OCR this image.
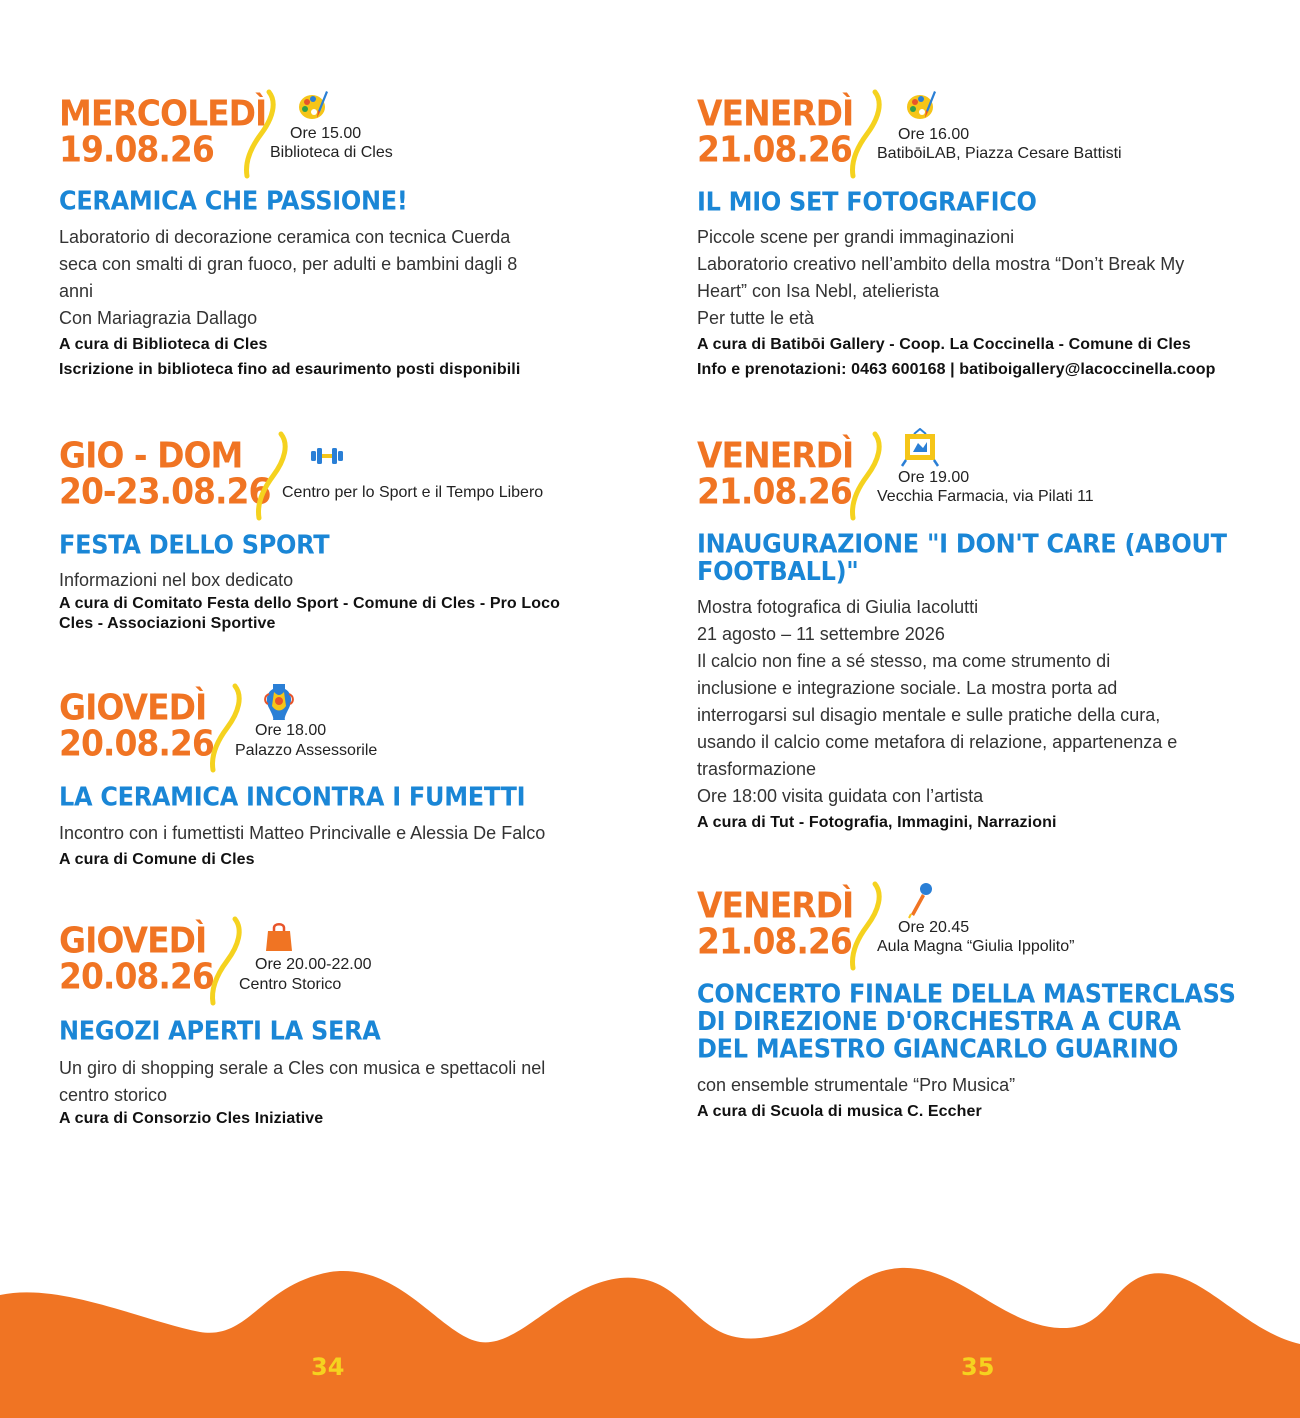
MERCOLEDÌ
19.08.26	Ore 15.00
Biblioteca di Cles
CERAMICA CHE PASSIONE!

Laboratorio di decorazione ceramica con tecnica Cuerda

seca con smalti di gran fuoco, per adulti e bambini dagli 8

anni

Con Mariagrazia Dallago

A cura di Biblioteca di Cles

Iscrizione in biblioteca fino ad esaurimento posti disponibili

GIO - DOM
20-23.08.26 Centro per lo Sport e il Tempo Libero
FESTA DELLO SPORT

Informazioni nel box dedicato

A cura di Comitato Festa dello Sport - Comune di Cles - Pro Loco

Cles - Associazioni Sportive

GIOVEDÌ
20.08.26	Ore 18.00
Palazzo Assessorile
LA CERAMICA INCONTRA I FUMETTI

Incontro con i fumettisti Matteo Princivalle e Alessia De Falco

A cura di Comune di Cles

GIOVEDÌ
20.08.26	Ore 20.00-22.00
Centro Storico
NEGOZI APERTI LA SERA

Un giro di shopping serale a Cles con musica e spettacoli nel

centro storico

A cura di Consorzio Cles Iniziative

VENERDÌ
21.08.26	Ore 16.00
BatibōiLAB, Piazza Cesare Battisti
IL MIO SET FOTOGRAFICO

Piccole scene per grandi immaginazioni

Laboratorio creativo nell’ambito della mostra “Don’t Break My

Heart” con Isa Nebl, atelierista

Per tutte le età

A cura di Batibōi Gallery - Coop. La Coccinella - Comune di Cles

Info e prenotazioni: 0463 600168 | batiboigallery@lacoccinella.coop

VENERDÌ
21.08.26	Ore 19.00
Vecchia Farmacia, via Pilati 11
INAUGURAZIONE "I DON'T CARE (ABOUT FOOTBALL)"

Mostra fotografica di Giulia Iacolutti

21 agosto – 11 settembre 2026

Il calcio non fine a sé stesso, ma come strumento di

inclusione e integrazione sociale. La mostra porta ad

interrogarsi sul disagio mentale e sulle pratiche della cura,

usando il calcio come metafora di relazione, appartenenza e

trasformazione

Ore 18:00 visita guidata con l’artista

A cura di Tut - Fotografia, Immagini, Narrazioni

VENERDÌ
21.08.26	Ore 20.45
Aula Magna “Giulia Ippolito”
CONCERTO FINALE DELLA MASTERCLASS DI DIREZIONE D'ORCHESTRA A CURA DEL MAESTRO GIANCARLO GUARINO

con ensemble strumentale “Pro Musica”

A cura di Scuola di musica C. Eccher

34	35
